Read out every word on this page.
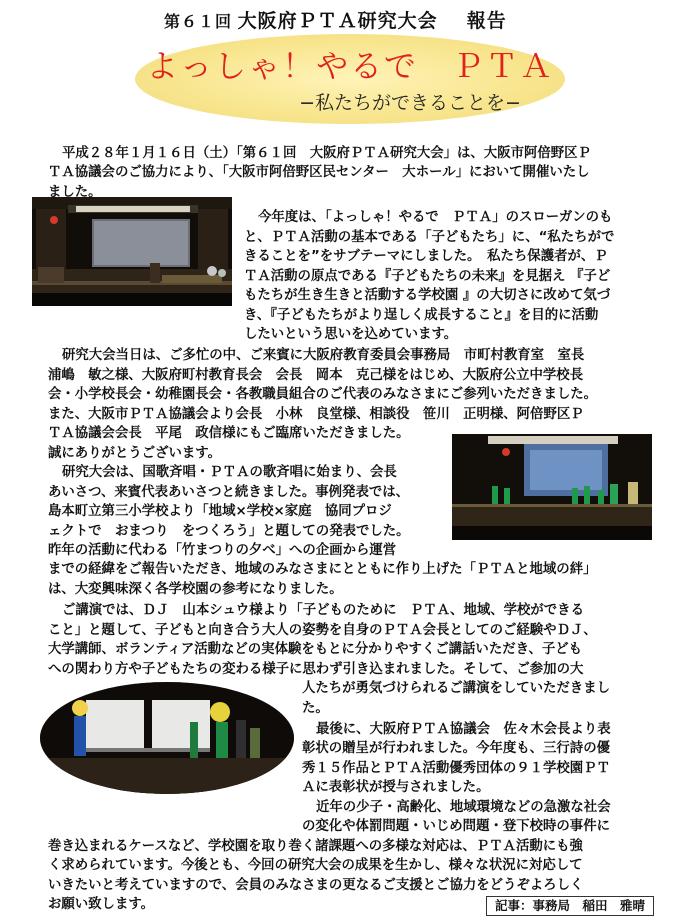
第６１回 大阪府ＰＴＡ研究大会 報告
よっしゃ！やるで　ＰＴＡ
−私たちができることを−
平成２８年１月１６日（土）「第６１回　大阪府ＰＴＡ研究大会」は、大阪市阿倍野区Ｐ
ＴＡ協議会のご協力により、「大阪市阿倍野区民センター　大ホール」において開催いたし
ました。
今年度は、「よっしゃ！やるで　ＰＴＡ」のスローガンのも
と、ＰＴＡ活動の基本である「子どもたち」に、“私たちがで
きることを”をサブテーマにしました。　私たち保護者が、Ｐ
ＴＡ活動の原点である『子どもたちの未来』を見据え 『子ど
もたちが生き生きと活動する学校園 』の大切さに改めて気づ
き、『子どもたちがより逞しく成長すること』を目的に活動
したいという思いを込めています。
研究大会当日は、ご多忙の中、ご来賓に大阪府教育委員会事務局　市町村教育室　室長
浦嶋　敏之様、大阪府町村教育長会　会長　岡本　克己様をはじめ、大阪府公立中学校長
会・小学校長会・幼稚園長会・各教職員組合のご代表のみなさまにご参列いただきました。
また、大阪市ＰＴＡ協議会より会長　小林　良堂様、相談役　笹川　正明様、阿倍野区Ｐ
ＴＡ協議会会長　平尾　政信様にもご臨席いただきました。
誠にありがとうございます。
研究大会は、国歌斉唱・ＰＴＡの歌斉唱に始まり、会長
あいさつ、来賓代表あいさつと続きました。事例発表では、
島本町立第三小学校より「地域×学校×家庭　協同プロジ
ェクトで　おまつり　をつくろう」と題しての発表でした。
昨年の活動に代わる「竹まつりの夕べ」への企画から運営
までの経緯をご報告いただき、地域のみなさまにとともに作り上げた「ＰＴＡと地域の絆」
は、大変興味深く各学校園の参考になりました。
ご講演では、ＤＪ　山本シュウ様より「子どものために　ＰＴＡ、地域、学校ができる
こと」と題して、子どもと向き合う大人の姿勢を自身のＰＴＡ会長としてのご経験やＤＪ、
大学講師、ボランティア活動などの実体験をもとに分かりやすくご講話いただき、子ども
への関わり方や子どもたちの変わる様子に思わず引き込まれました。そして、ご参加の大
人たちが勇気づけられるご講演をしていただきまし
た。
最後に、大阪府ＰＴＡ協議会　佐々木会長より表
彰状の贈呈が行われました。今年度も、三行詩の優
秀１５作品とＰＴＡ活動優秀団体の９１学校園ＰＴ
Ａに表彰状が授与されました。
近年の少子・高齢化、地域環境などの急激な社会
の変化や体罰問題・いじめ問題・登下校時の事件に
巻き込まれるケースなど、学校園を取り巻く諸課題への多様な対応は、ＰＴＡ活動にも強
く求められています。今後とも、今回の研究大会の成果を生かし、様々な状況に対応して
いきたいと考えていますので、会員のみなさまの更なるご支援とご協力をどうぞよろしく
お願い致します。	記事：事務局　稲田　雅晴
